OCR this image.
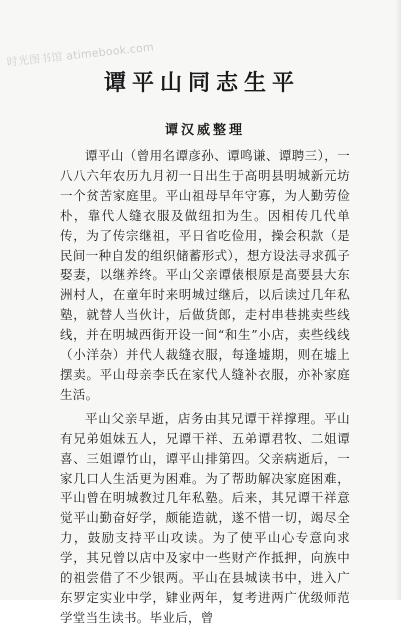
时光图书馆 atimebook.com
谭平山同志生平
谭汉威整理

谭平山（曾用名谭彦孙、谭鸣谦、谭聘三），一八八六年农历九月初一日出生于高明县明城新元坊一个贫苦家庭里。平山祖母早年守寡，为人勤劳俭朴，靠代人缝衣服及做纽扣为生。因相传几代单传，为了传宗继祖，平日省吃俭用，操会积款（是民间一种自发的组织储蓄形式），想方设法寻求孤子娶妻，以继养终。平山父亲谭俵根原是高要县大东洲村人，在童年时来明城过继后，以后读过几年私塾，就替人当伙计，后做货郎，走村串巷挑卖些线线，并在明城西街开设一间“和生”小店，卖些线线（小洋杂）并代人裁缝衣服，每逢墟期，则在墟上摆卖。平山母亲李氏在家代人缝补衣服，亦补家庭生活。

平山父亲早逝，店务由其兄谭干祥撑理。平山有兄弟姐妹五人，兄谭干祥、五弟谭君牧、二姐谭喜、三姐谭竹山，谭平山排第四。父亲病逝后，一家几口人生活更为困难。为了帮助解决家庭困难，平山曾在明城教过几年私塾。后来，其兄谭干祥意觉平山勤奋好学，颇能造就，遂不惜一切，竭尽全力，鼓励支持平山攻读。为了使平山心专意向求学，其兄曾以店中及家中一些财产作抵押，向族中的祖尝借了不少银两。平山在县城读书中，进入广东罗定实业中学，肄业两年，复考进两广优级师范学堂当生读书。毕业后，曾
